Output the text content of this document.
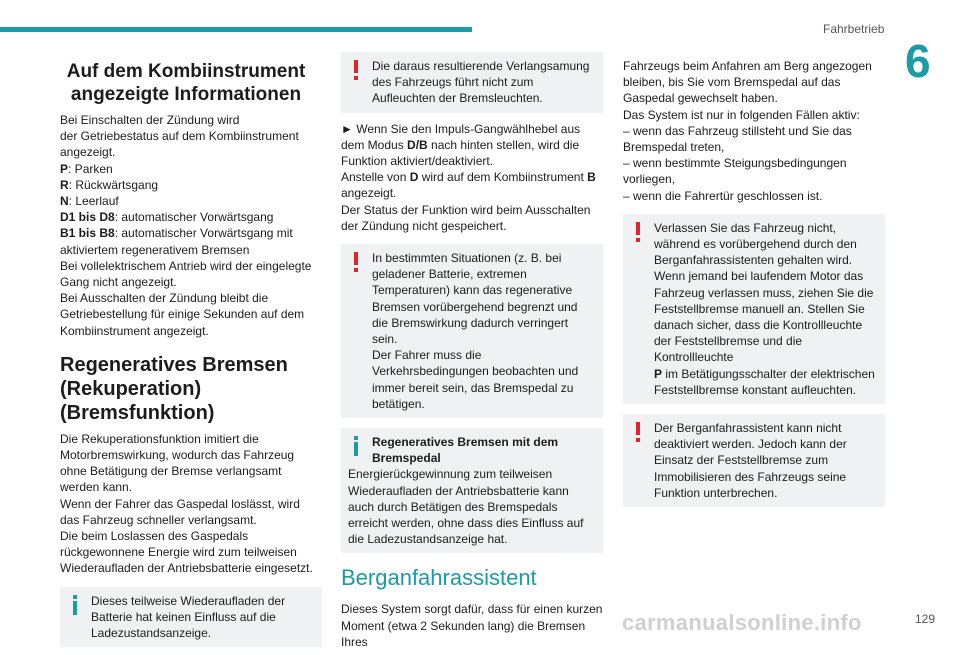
Fahrbetrieb
6
Auf dem Kombiinstrument angezeigte Informationen

Bei Einschalten der Zündung wird
der Getriebestatus auf dem Kombiinstrument
angezeigt.

P: Parken
R: Rückwärtsgang
N: Leerlauf
D1 bis D8: automatischer Vorwärtsgang
B1 bis B8: automatischer Vorwärtsgang mit aktiviertem regenerativem Bremsen

Bei vollelektrischem Antrieb wird der eingelegte Gang nicht angezeigt.
Bei Ausschalten der Zündung bleibt die Getriebestellung für einige Sekunden auf dem Kombiinstrument angezeigt.

Regeneratives Bremsen (Rekuperation) (Bremsfunktion)

Die Rekuperationsfunktion imitiert die Motorbremswirkung, wodurch das Fahrzeug ohne Betätigung der Bremse verlangsamt werden kann.
Wenn der Fahrer das Gaspedal loslässt, wird das Fahrzeug schneller verlangsamt.
Die beim Loslassen des Gaspedals rückgewonnene Energie wird zum teilweisen Wiederaufladen der Antriebsbatterie eingesetzt.

Dieses teilweise Wiederaufladen der Batterie hat keinen Einfluss auf die Ladezustandsanzeige.

Die daraus resultierende Verlangsamung des Fahrzeugs führt nicht zum Aufleuchten der Bremsleuchten.

► Wenn Sie den Impuls-Gangwählhebel aus dem Modus D/B nach hinten stellen, wird die Funktion aktiviert/deaktiviert.

Anstelle von D wird auf dem Kombiinstrument B angezeigt.

Der Status der Funktion wird beim Ausschalten der Zündung nicht gespeichert.

In bestimmten Situationen (z. B. bei geladener Batterie, extremen Temperaturen) kann das regenerative Bremsen vorübergehend begrenzt und die Bremswirkung dadurch verringert sein.
Der Fahrer muss die Verkehrsbedingungen beobachten und immer bereit sein, das Bremspedal zu betätigen.

Regeneratives Bremsen mit dem Bremspedal

Energierückgewinnung zum teilweisen Wiederaufladen der Antriebsbatterie kann auch durch Betätigen des Bremspedals erreicht werden, ohne dass dies Einfluss auf die Ladezustandsanzeige hat.

Berganfahrassistent

Dieses System sorgt dafür, dass für einen kurzen Moment (etwa 2 Sekunden lang) die Bremsen Ihres

Fahrzeugs beim Anfahren am Berg angezogen bleiben, bis Sie vom Bremspedal auf das Gaspedal gewechselt haben.
Das System ist nur in folgenden Fällen aktiv:
– wenn das Fahrzeug stillsteht und Sie das Bremspedal treten,
– wenn bestimmte Steigungsbedingungen vorliegen,
– wenn die Fahrertür geschlossen ist.

Verlassen Sie das Fahrzeug nicht, während es vorübergehend durch den Berganfahrassistenten gehalten wird.
Wenn jemand bei laufendem Motor das Fahrzeug verlassen muss, ziehen Sie die Feststellbremse manuell an. Stellen Sie danach sicher, dass die Kontrollleuchte der Feststellbremse und die Kontrollleuchte
P im Betätigungsschalter der elektrischen Feststellbremse konstant aufleuchten.

Der Berganfahrassistent kann nicht deaktiviert werden. Jedoch kann der Einsatz der Feststellbremse zum Immobilisieren des Fahrzeugs seine Funktion unterbrechen.

carmanualsonline.info	129
